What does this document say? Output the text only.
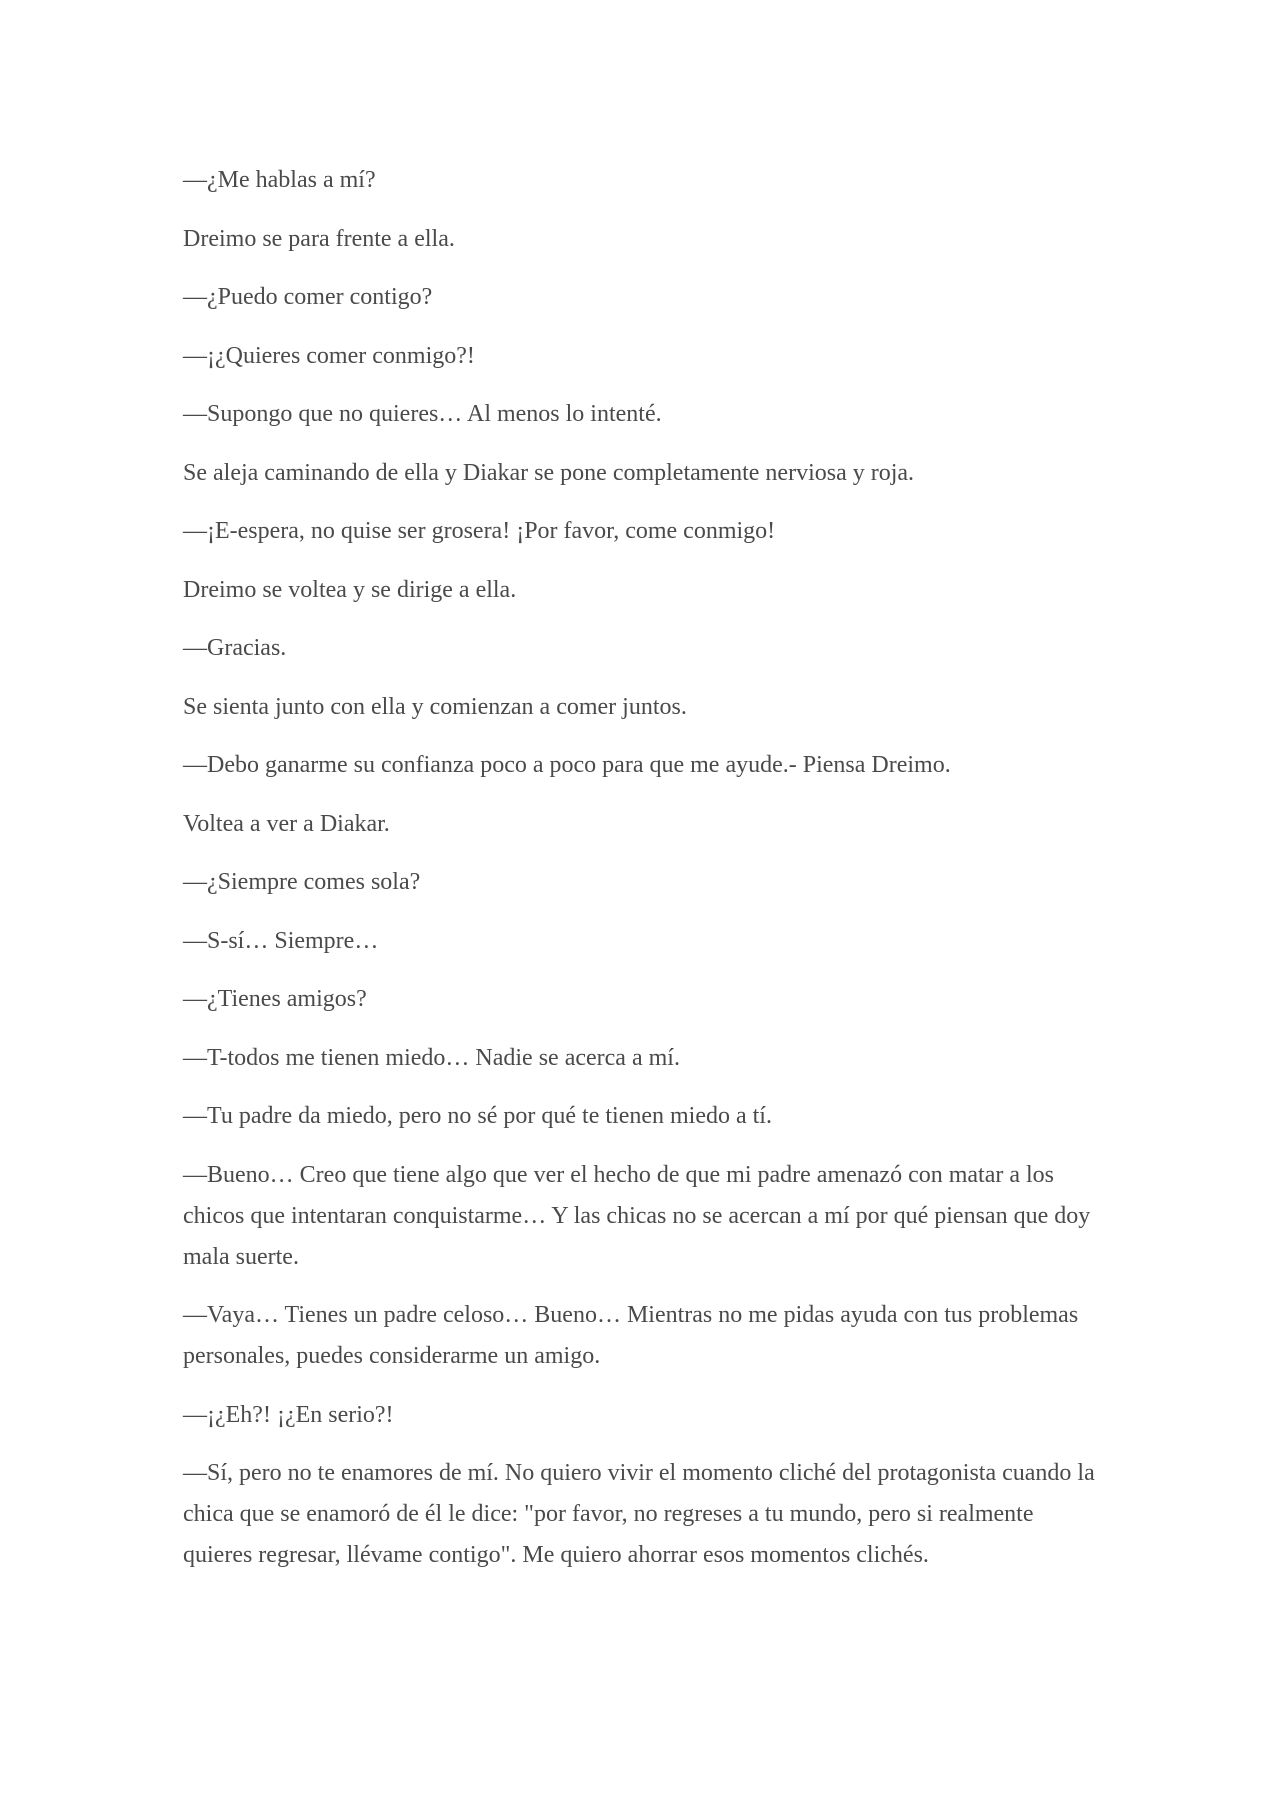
—¿Me hablas a mí?

Dreimo se para frente a ella.

—¿Puedo comer contigo?

—¡¿Quieres comer conmigo?!

—Supongo que no quieres… Al menos lo intenté.

Se aleja caminando de ella y Diakar se pone completamente nerviosa y roja.

—¡E-espera, no quise ser grosera! ¡Por favor, come conmigo!

Dreimo se voltea y se dirige a ella.

—Gracias.

Se sienta junto con ella y comienzan a comer juntos.

—Debo ganarme su confianza poco a poco para que me ayude.- Piensa Dreimo.

Voltea a ver a Diakar.

—¿Siempre comes sola?

—S-sí… Siempre…

—¿Tienes amigos?

—T-todos me tienen miedo… Nadie se acerca a mí.

—Tu padre da miedo, pero no sé por qué te tienen miedo a tí.

—Bueno… Creo que tiene algo que ver el hecho de que mi padre amenazó con matar a los chicos que intentaran conquistarme… Y las chicas no se acercan a mí por qué piensan que doy mala suerte.

—Vaya… Tienes un padre celoso… Bueno… Mientras no me pidas ayuda con tus problemas personales, puedes considerarme un amigo.

—¡¿Eh?! ¡¿En serio?!

—Sí, pero no te enamores de mí. No quiero vivir el momento cliché del protagonista cuando la chica que se enamoró de él le dice: "por favor, no regreses a tu mundo, pero si realmente quieres regresar, llévame contigo". Me quiero ahorrar esos momentos clichés.
